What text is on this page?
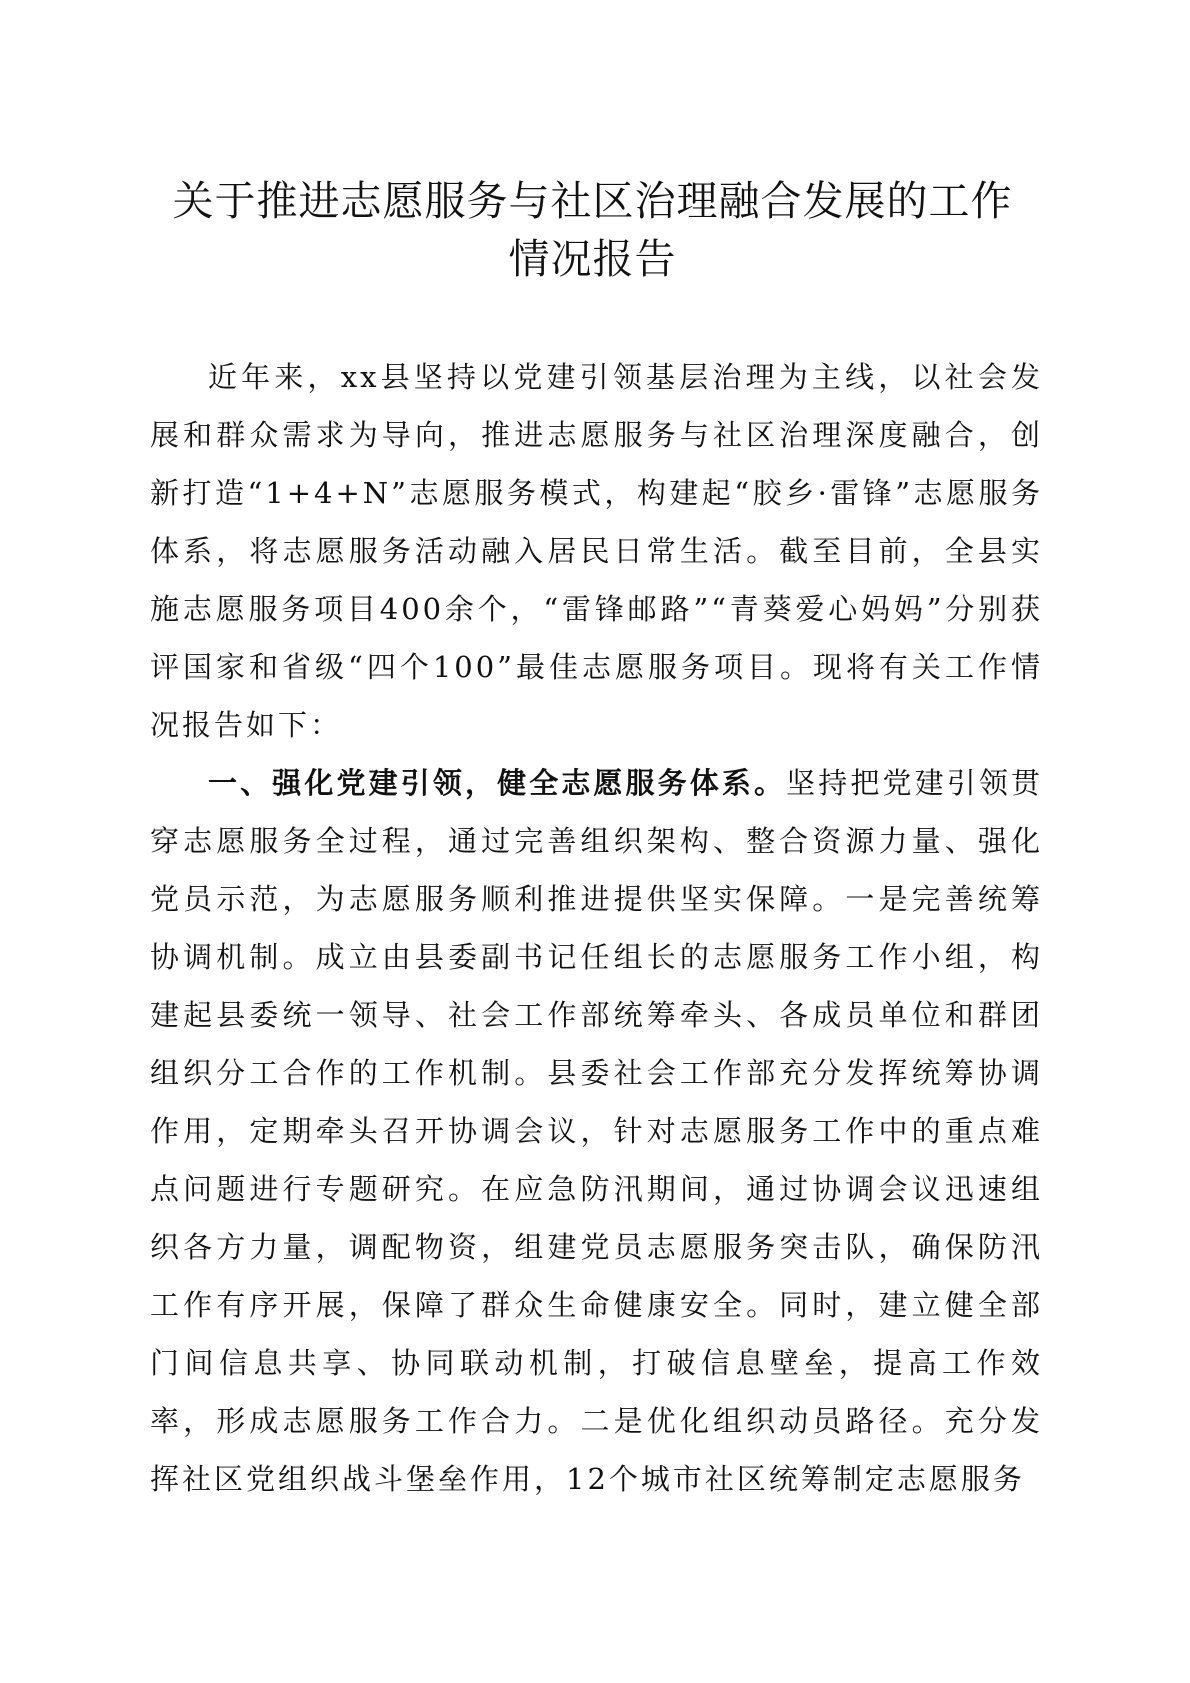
关于推进志愿服务与社区治理融合发展的工作
情况报告

近年来，xx县坚持以党建引领基层治理为主线，以社会发展和群众需求为导向，推进志愿服务与社区治理深度融合，创新打造“1+4+N”志愿服务模式，构建起“胶乡·雷锋”志愿服务体系，将志愿服务活动融入居民日常生活。截至目前，全县实施志愿服务项目400余个，“雷锋邮路”“青葵爱心妈妈”分别获评国家和省级“四个100”最佳志愿服务项目。现将有关工作情况报告如下：

一、强化党建引领，健全志愿服务体系。坚持把党建引领贯穿志愿服务全过程，通过完善组织架构、整合资源力量、强化党员示范，为志愿服务顺利推进提供坚实保障。一是完善统筹协调机制。成立由县委副书记任组长的志愿服务工作小组，构建起县委统一领导、社会工作部统筹牵头、各成员单位和群团组织分工合作的工作机制。县委社会工作部充分发挥统筹协调作用，定期牵头召开协调会议，针对志愿服务工作中的重点难点问题进行专题研究。在应急防汛期间，通过协调会议迅速组织各方力量，调配物资，组建党员志愿服务突击队，确保防汛工作有序开展，保障了群众生命健康安全。同时，建立健全部门间信息共享、协同联动机制，打破信息壁垒，提高工作效率，形成志愿服务工作合力。二是优化组织动员路径。充分发挥社区党组织战斗堡垒作用，12个城市社区统筹制定志愿服务
